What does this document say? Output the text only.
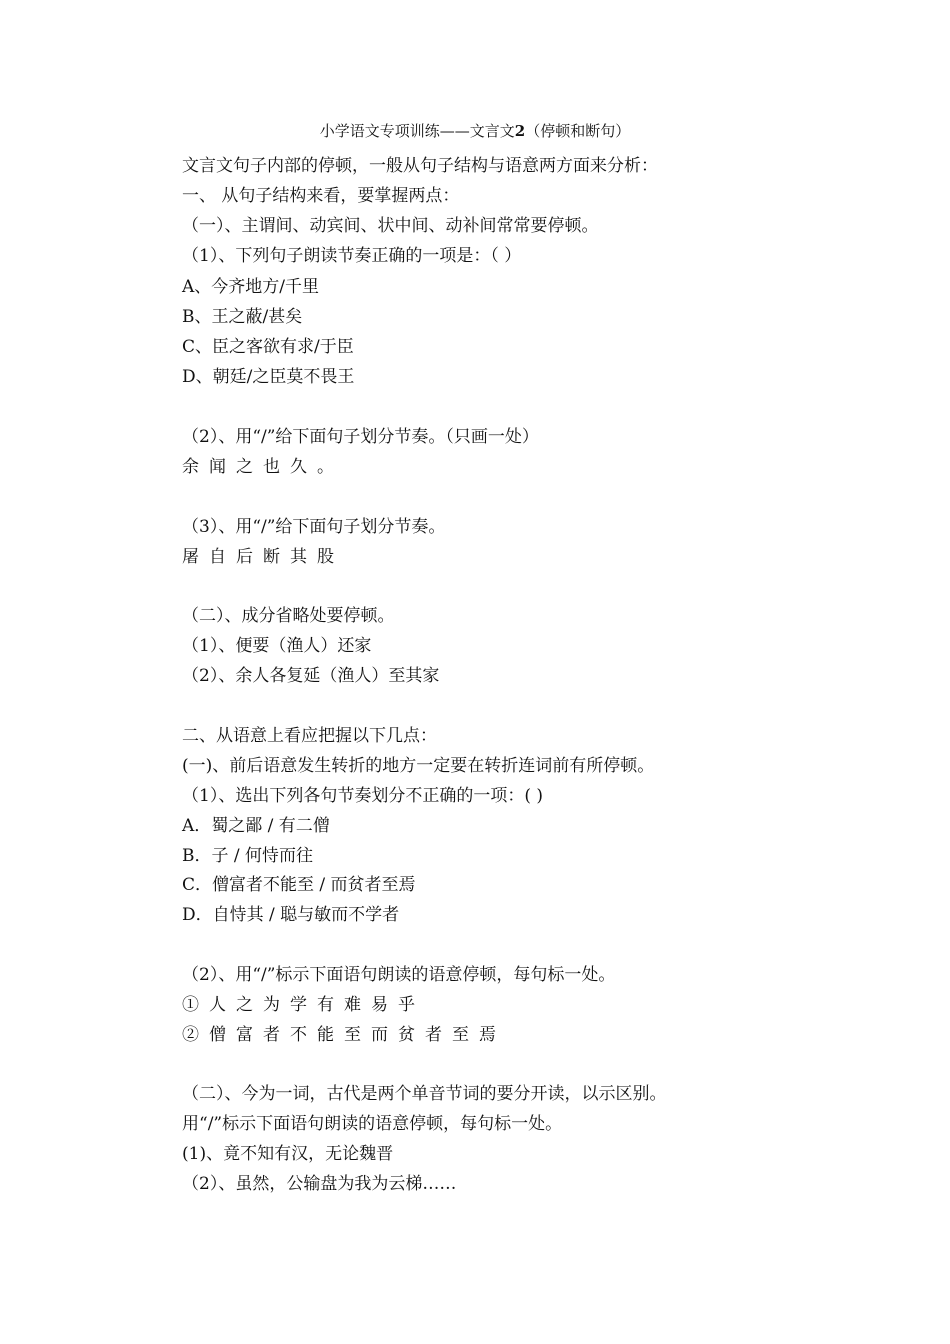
小学语文专项训练——文言文2（停顿和断句）
文言文句子内部的停顿，一般从句子结构与语意两方面来分析：
一、 从句子结构来看，要掌握两点：
（一）、主谓间、动宾间、状中间、动补间常常要停顿。
（1）、下列句子朗读节奏正确的一项是：（ ）
A、今齐地方/千里
B、王之蔽/甚矣
C、臣之客欲有求/于臣
D、朝廷/之臣莫不畏王
（2）、用“/”给下面句子划分节奏。（只画一处）
余闻之也久。
（3）、用“/”给下面句子划分节奏。
屠自后断其股
（二）、成分省略处要停顿。
（1）、便要（渔人）还家
（2）、余人各复延（渔人）至其家
二、从语意上看应把握以下几点：
(一)、前后语意发生转折的地方一定要在转折连词前有所停顿。
（1）、选出下列各句节奏划分不正确的一项：( )
A．蜀之鄙 / 有二僧
B．子 / 何恃而往
C．僧富者不能至 / 而贫者至焉
D．自恃其 / 聪与敏而不学者
（2）、用“/”标示下面语句朗读的语意停顿，每句标一处。
①人之为学有难易乎
②僧富者不能至而贫者至焉
（二）、今为一词，古代是两个单音节词的要分开读，以示区别。
用“/”标示下面语句朗读的语意停顿，每句标一处。
(1)、竟不知有汉，无论魏晋
（2）、虽然，公输盘为我为云梯……
